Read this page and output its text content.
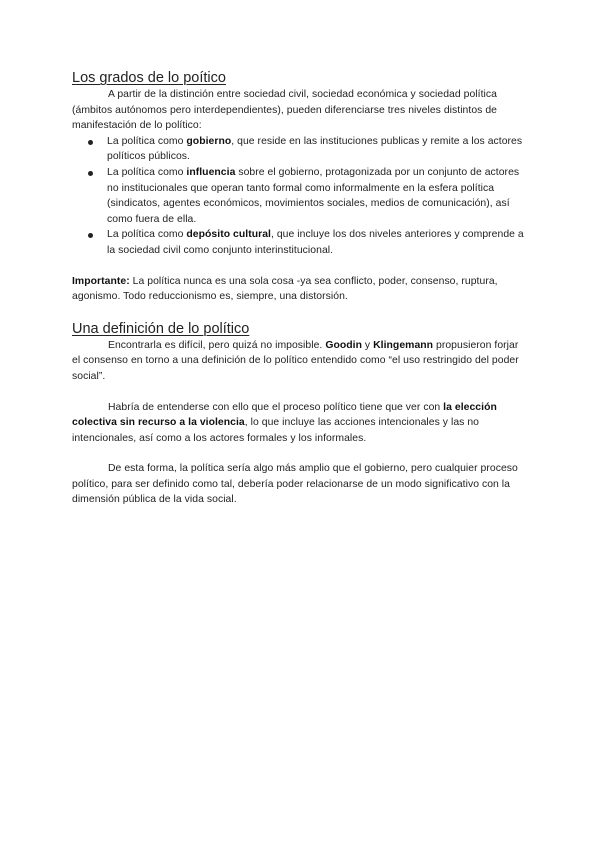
Los grados de lo poítico

A partir de la distinción entre sociedad civil, sociedad económica y sociedad política (ámbitos autónomos pero interdependientes), pueden diferenciarse tres niveles distintos de manifestación de lo político:

La política como gobierno, que reside en las instituciones publicas y remite a los actores políticos públicos.
La política como influencia sobre el gobierno, protagonizada por un conjunto de actores no institucionales que operan tanto formal como informalmente en la esfera política (sindicatos, agentes económicos, movimientos sociales, medios de comunicación), así como fuera de ella.
La política como depósito cultural, que incluye los dos niveles anteriores y comprende a la sociedad civil como conjunto interinstitucional.

Importante: La política nunca es una sola cosa -ya sea conflicto, poder, consenso, ruptura, agonismo. Todo reduccionismo es, siempre, una distorsión.

Una definición de lo político

Encontrarla es difícil, pero quizá no imposible. Goodin y Klingemann propusieron forjar el consenso en torno a una definición de lo político entendido como “el uso restringido del poder social”.

Habría de entenderse con ello que el proceso político tiene que ver con la elección colectiva sin recurso a la violencia, lo que incluye las acciones intencionales y las no intencionales, así como a los actores formales y los informales.

De esta forma, la política sería algo más amplio que el gobierno, pero cualquier proceso político, para ser definido como tal, debería poder relacionarse de un modo significativo con la dimensión pública de la vida social.
